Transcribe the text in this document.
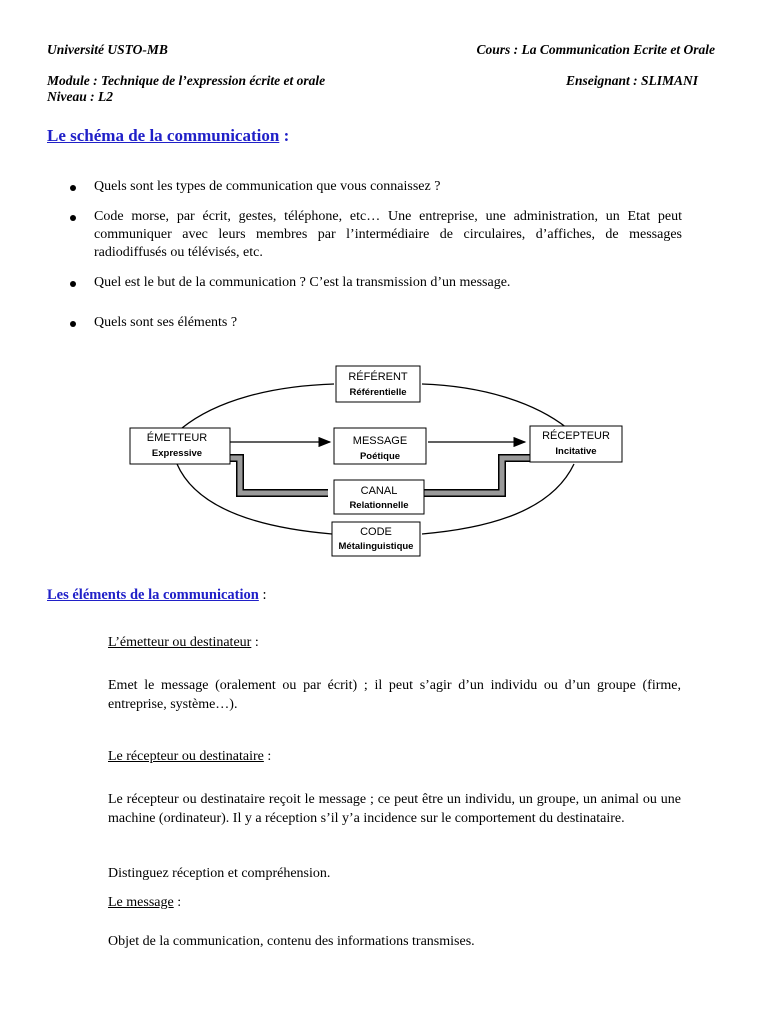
Université USTO-MB	Cours : La Communication Ecrite et Orale
Module : Technique de l’expression écrite et orale	Enseignant : SLIMANI
Niveau : L2
Le schéma de la communication :
Quels sont les types de communication que vous connaissez ?
Code morse, par écrit, gestes, téléphone, etc… Une entreprise, une administration, un Etat peut communiquer avec leurs membres par l’intermédiaire de circulaires, d’affiches, de messages radiodiffusés ou télévisés, etc.
Quel est le but de la communication ? C’est la transmission d’un message.
Quels sont ses éléments ?
RÉFÉRENT
Référentielle
ÉMETTEUR
Expressive
MESSAGE
Poétique
RÉCEPTEUR
Incitative
CANAL
Relationnelle
CODE
Métalinguistique
Les éléments de la communication :
L’émetteur ou destinateur :
Emet le message (oralement ou par écrit) ; il peut s’agir d’un individu ou d’un groupe (firme, entreprise, système…).
Le récepteur ou destinataire :
Le récepteur ou destinataire reçoit le message ; ce peut être un individu, un groupe, un animal ou une machine (ordinateur). Il y a réception s’il y’a incidence sur le comportement du destinataire.
Distinguez réception et compréhension.
Le message :
Objet de la communication, contenu des informations transmises.
